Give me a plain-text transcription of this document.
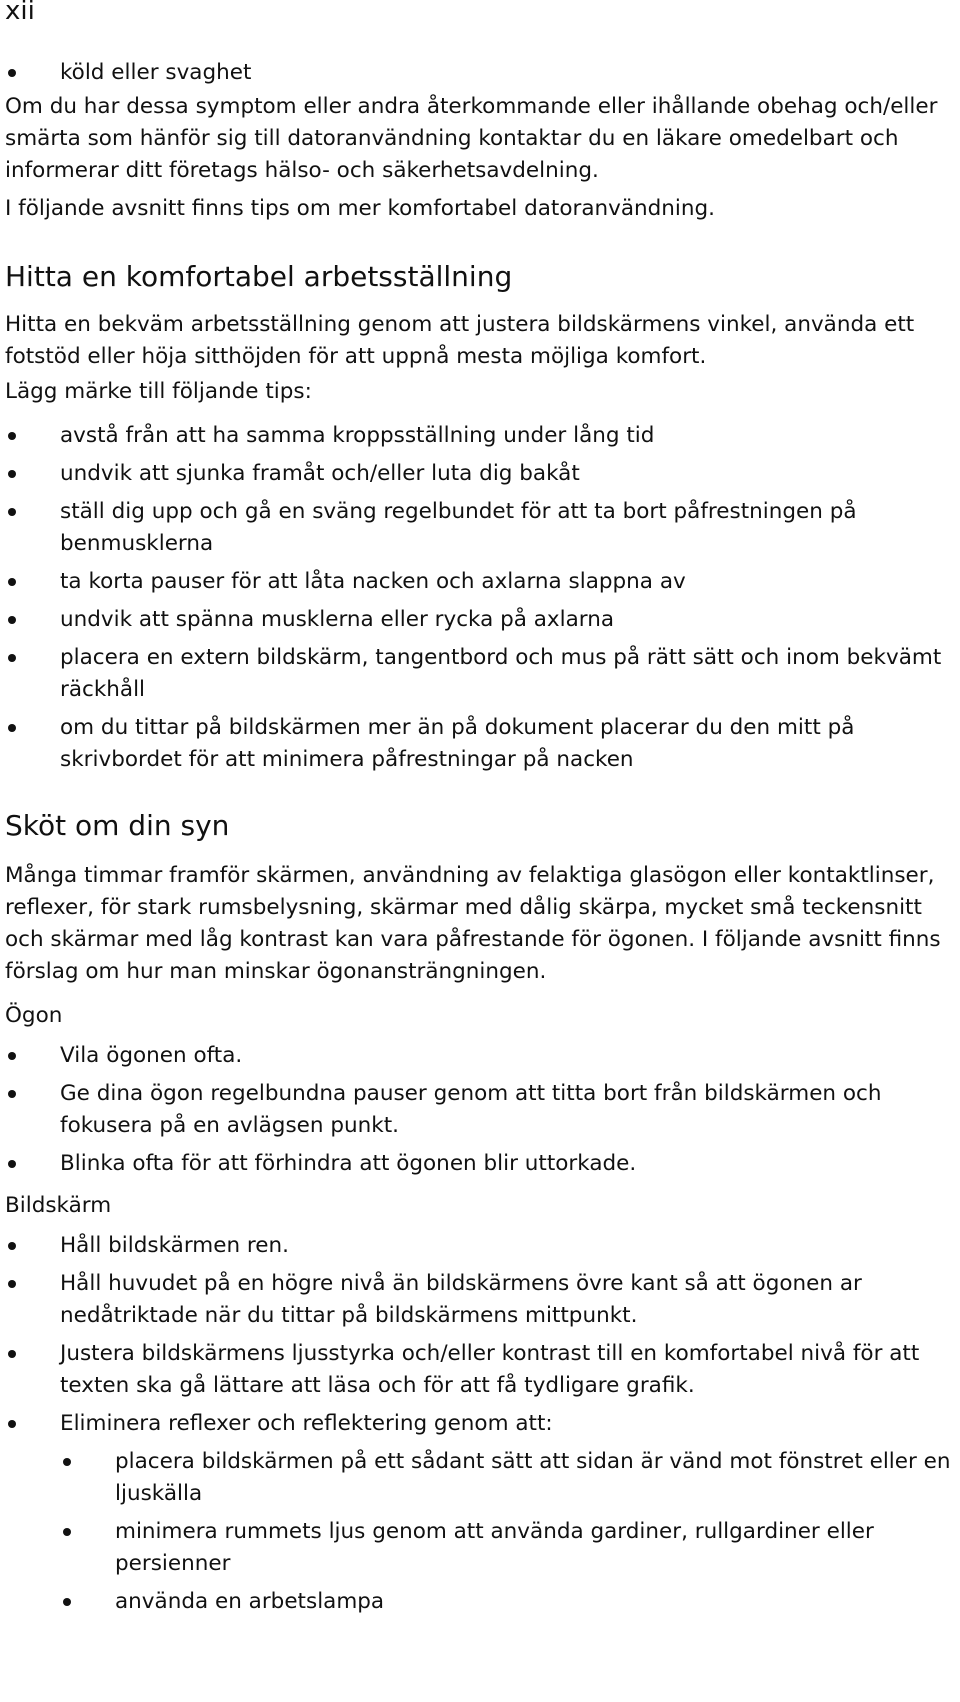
xii
köld eller svaghet

Om du har dessa symptom eller andra återkommande eller ihållande obehag och/eller smärta som hänför sig till datoranvändning kontaktar du en läkare omedelbart och informerar ditt företags hälso- och säkerhetsavdelning.

I följande avsnitt finns tips om mer komfortabel datoranvändning.

Hitta en komfortabel arbetsställning

Hitta en bekväm arbetsställning genom att justera bildskärmens vinkel, använda ett fotstöd eller höja sitthöjden för att uppnå mesta möjliga komfort.

Lägg märke till följande tips:

avstå från att ha samma kroppsställning under lång tid
undvik att sjunka framåt och/eller luta dig bakåt
ställ dig upp och gå en sväng regelbundet för att ta bort påfrestningen på benmusklerna
ta korta pauser för att låta nacken och axlarna slappna av
undvik att spänna musklerna eller rycka på axlarna
placera en extern bildskärm, tangentbord och mus på rätt sätt och inom bekvämt räckhåll
om du tittar på bildskärmen mer än på dokument placerar du den mitt på skrivbordet för att minimera påfrestningar på nacken
Sköt om din syn

Många timmar framför skärmen, användning av felaktiga glasögon eller kontaktlinser, reflexer, för stark rumsbelysning, skärmar med dålig skärpa, mycket små teckensnitt och skärmar med låg kontrast kan vara påfrestande för ögonen. I följande avsnitt finns förslag om hur man minskar ögonansträngningen.

Ögon
Vila ögonen ofta.
Ge dina ögon regelbundna pauser genom att titta bort från bildskärmen och fokusera på en avlägsen punkt.
Blinka ofta för att förhindra att ögonen blir uttorkade.
Bildskärm
Håll bildskärmen ren.
Håll huvudet på en högre nivå än bildskärmens övre kant så att ögonen ar nedåtriktade när du tittar på bildskärmens mittpunkt.
Justera bildskärmens ljusstyrka och/eller kontrast till en komfortabel nivå för att texten ska gå lättare att läsa och för att få tydligare grafik.
Eliminera reflexer och reflektering genom att:
placera bildskärmen på ett sådant sätt att sidan är vänd mot fönstret eller en ljuskälla
minimera rummets ljus genom att använda gardiner, rullgardiner eller persienner
använda en arbetslampa
